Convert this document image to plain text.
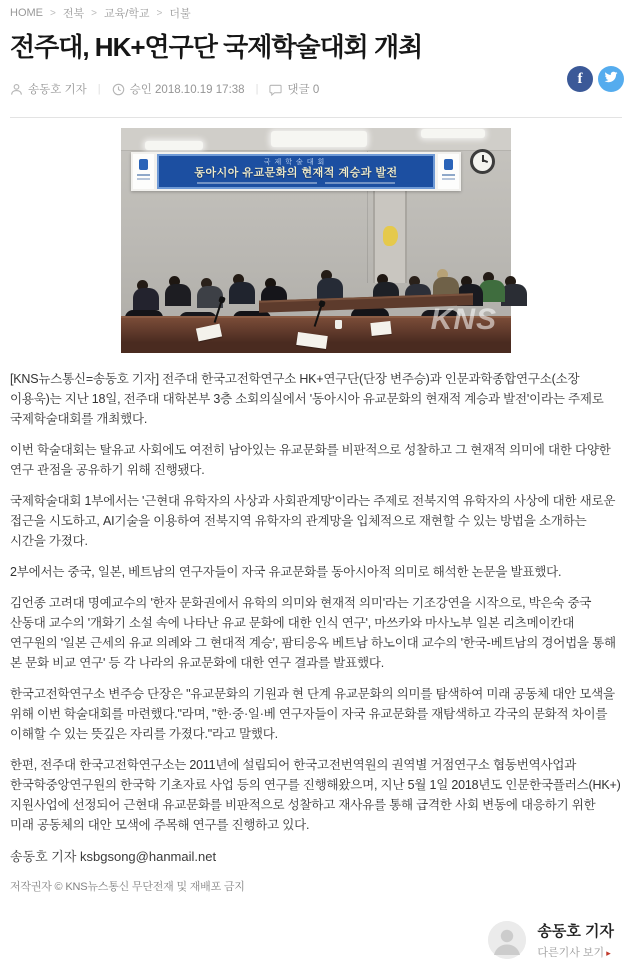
HOME > 전북 > 교육/학교 > 더불
전주대, HK+연구단 국제학술대회 개최
송동호 기자 |	승인 2018.10.19 17:38 |	댓글 0
국제학술대회
동아시아 유교문화의 현재적 계승과 발전
KNS

[KNS뉴스통신=송동호 기자] 전주대 한국고전학연구소 HK+연구단(단장 변주승)과 인문과학종합연구소(소장 이용욱)는 지난 18일, 전주대 대학본부 3층 소회의실에서 '동아시아 유교문화의 현재적 계승과 발전'이라는 주제로 국제학술대회를 개최했다.

이번 학술대회는 탈유교 사회에도 여전히 남아있는 유교문화를 비판적으로 성찰하고 그 현재적 의미에 대한 다양한 연구 관점을 공유하기 위해 진행됐다.

국제학술대회 1부에서는 '근현대 유학자의 사상과 사회관계망'이라는 주제로 전북지역 유학자의 사상에 대한 새로운 접근을 시도하고, AI기술을 이용하여 전북지역 유학자의 관계망을 입체적으로 재현할 수 있는 방법을 소개하는 시간을 가졌다.

2부에서는 중국, 일본, 베트남의 연구자들이 자국 유교문화를 동아시아적 의미로 해석한 논문을 발표했다.

김언종 고려대 명예교수의 '한자 문화권에서 유학의 의미와 현재적 의미'라는 기조강연을 시작으로, 박은숙 중국 산동대 교수의 '개화기 소설 속에 나타난 유교 문화에 대한 인식 연구', 마쓰카와 마사노부 일본 리츠메이칸대 연구원의 '일본 근세의 유교 의례와 그 현대적 계승', 팜티응옥 베트남 하노이대 교수의 '한국-베트남의 경어법을 통해 본 문화 비교 연구' 등 각 나라의 유교문화에 대한 연구 결과를 발표했다.

한국고전학연구소 변주승 단장은 "유교문화의 기원과 현 단계 유교문화의 의미를 탐색하여 미래 공동체 대안 모색을 위해 이번 학술대회를 마련했다."라며, "한·중·일·베 연구자들이 자국 유교문화를 재탐색하고 각국의 문화적 차이를 이해할 수 있는 뜻깊은 자리를 가졌다."라고 말했다.

한편, 전주대 한국고전학연구소는 2011년에 설립되어 한국고전번역원의 권역별 거점연구소 협동번역사업과 한국학중앙연구원의 한국학 기초자료 사업 등의 연구를 진행해왔으며, 지난 5월 1일 2018년도 인문한국플러스(HK+) 지원사업에 선정되어 근현대 유교문화를 비판적으로 성찰하고 재사유를 통해 급격한 사회 변동에 대응하기 위한 미래 공동체의 대안 모색에 주목해 연구를 진행하고 있다.

송동호 기자 ksbgsong@hanmail.net
저작권자 © KNS뉴스통신 무단전재 및 재배포 금지
송동호 기자
다른기사 보기 ▸
f
